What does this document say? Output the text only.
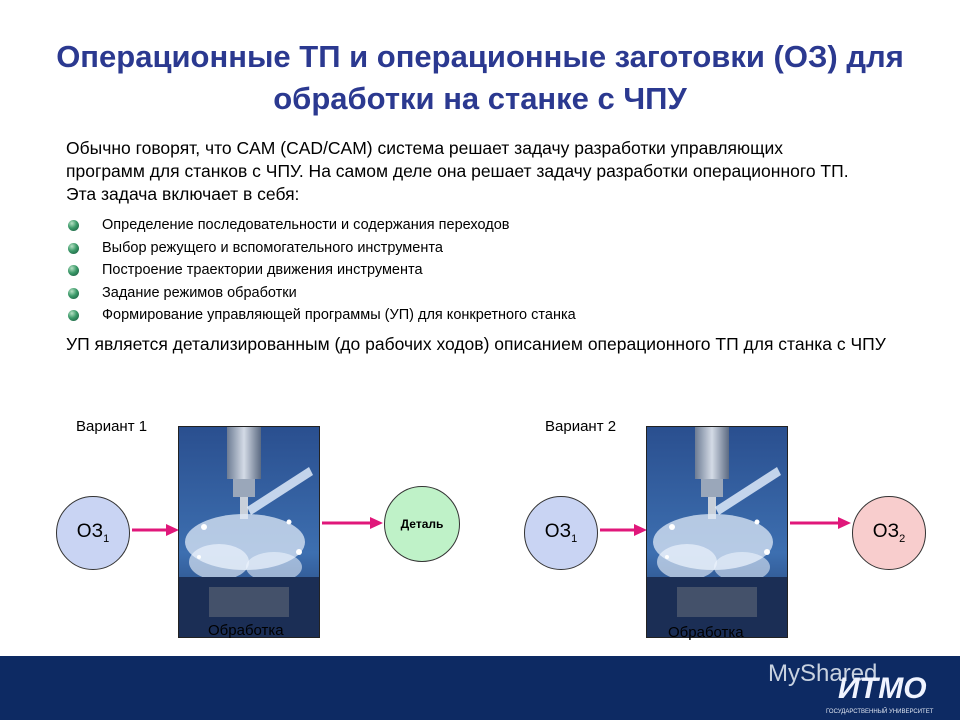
Операционные ТП и операционные заготовки (ОЗ) для обработки на станке с ЧПУ
Обычно говорят, что CAM (CAD/CAM) система решает задачу разработки управляющих программ для станков с ЧПУ. На самом деле она решает задачу разработки операционного ТП. Эта задача включает в себя:
Определение последовательности и содержания переходов
Выбор режущего и вспомогательного инструмента
Построение траектории движения инструмента
Задание режимов обработки
Формирование управляющей программы (УП) для конкретного станка
УП является детализированным (до рабочих ходов) описанием операционного ТП для станка с ЧПУ
Вариант 1
$ОЗ_1$
Деталь
Обработка
Вариант 2
$ОЗ_1$	$ОЗ_2$
Обработка
MyShared
ИТМО
ГОСУДАРСТВЕННЫЙ УНИВЕРСИТЕТ
